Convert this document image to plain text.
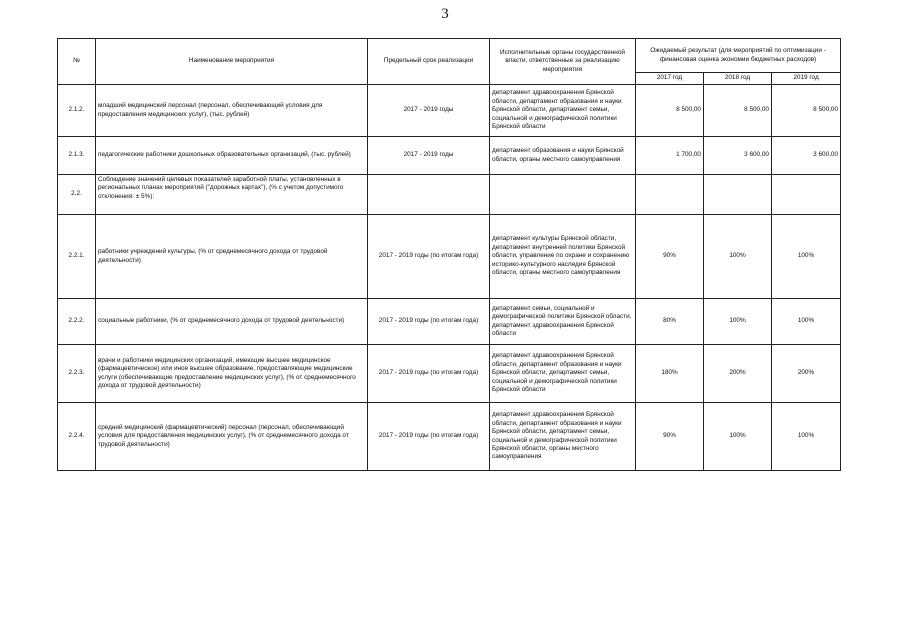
3
№	Наименование мероприятия	Предельный срок реализации	Исполнительные органы государственной власти, ответственные за реализацию мероприятия	Ожидаемый результат (для мероприятий по оптимизации - финансовая оценка экономии бюджетных расходов)		
				2017 год	2018 год	2019 год
2.1.2.	младший медицинский персонал (персонал, обеспечивающий условия для предоставления медицинских услуг), (тыс. рублей)	2017 - 2019 годы	департамент здравоохранения Брянской области, департамент образования и науки Брянской области, департамент семьи, социальной и демографической политики Брянской области	8 500,00	8 500,00	8 500,00
2.1.3.	педагогические работники дошкольных образовательных организаций, (тыс. рублей)	2017 - 2019 годы	департамент образования и науки Брянской области, органы местного самоуправления	1 700,00	3 600,00	3 600,00
2.2.	Соблюдение значений целевых показателей заработной платы, установленных в региональных планах мероприятий ("дорожных картах"), (% с учетом допустимого отклонения: ± 5%):					
2.2.1.	работники учреждений культуры, (% от среднемесячного дохода от трудовой деятельности)	2017 - 2019 годы (по итогам года)	департамент культуры Брянской области, департамент внутренней политики Брянской области, управление по охране и сохранению историко-культурного наследия Брянской области, органы местного самоуправления	90%	100%	100%
2.2.2.	социальные работники, (% от среднемесячного дохода от трудовой деятельности)	2017 - 2019 годы (по итогам года)	департамент семьи, социальной и демографической политики Брянской области, департамент здравоохранения Брянской области	80%	100%	100%
2.2.3.	врачи и работники медицинских организаций, имеющие высшее медицинское (фармацевтическое) или иное высшее образование, предоставляющие медицинские услуги (обеспечивающие предоставление медицинских услуг), (% от среднемесячного дохода от трудовой деятельности)	2017 - 2019 годы (по итогам года)	департамент здравоохранения Брянской области, департамент образования и науки Брянской области, департамент семьи, социальной и демографической политики Брянской области	180%	200%	200%
2.2.4.	средний медицинский (фармацевтический) персонал (персонал, обеспечивающий условия для предоставления медицинских услуг), (% от среднемесячного дохода от трудовой деятельности)	2017 - 2019 годы (по итогам года)	департамент здравоохранения Брянской области, департамент образования и науки Брянской области, департамент семьи, социальной и демографической политики Брянской области, органы местного самоуправления	90%	100%	100%
